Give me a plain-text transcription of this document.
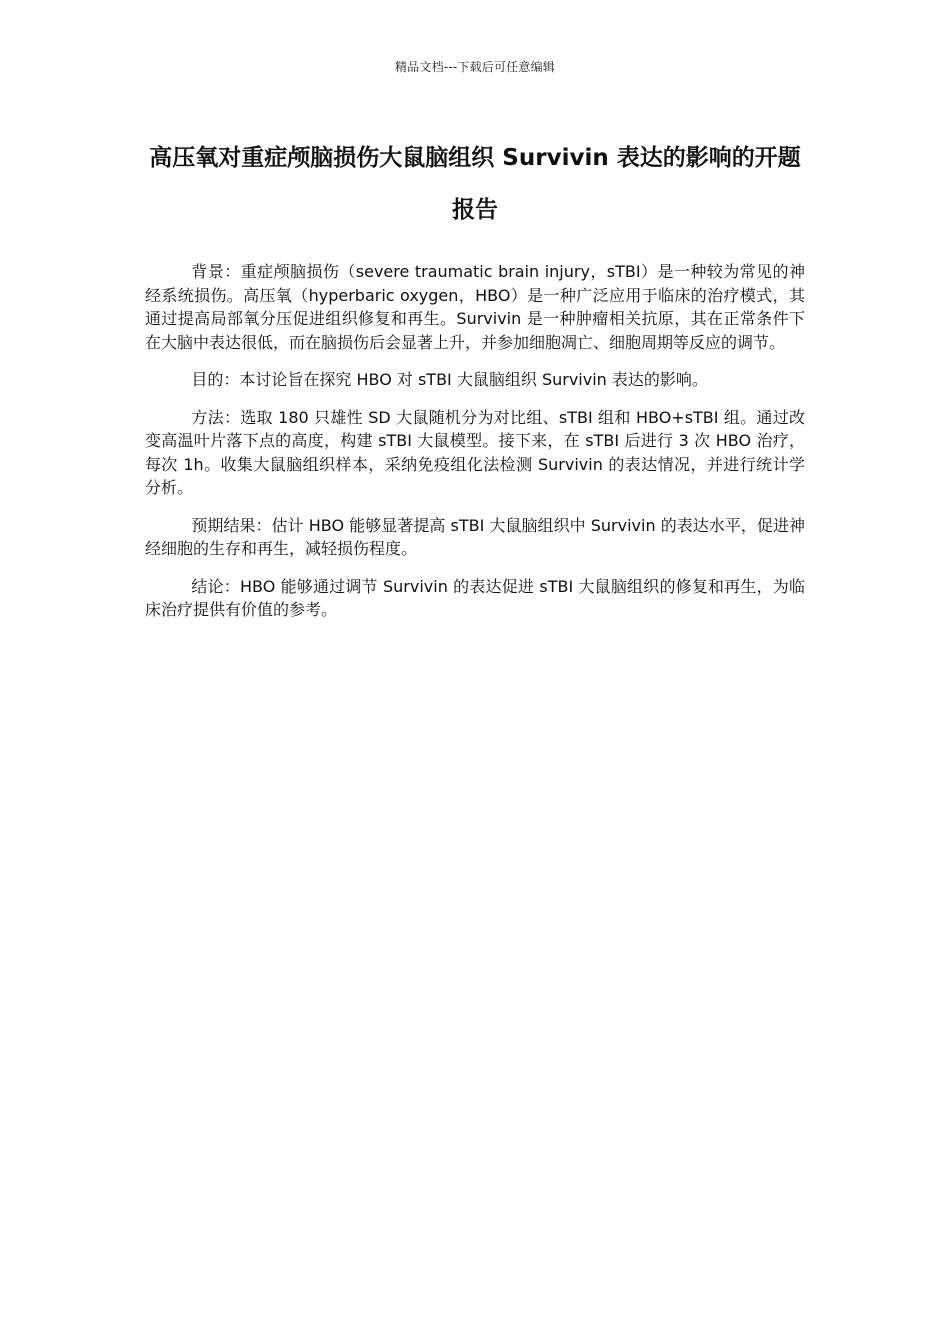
精品文档---下载后可任意编辑
高压氧对重症颅脑损伤大鼠脑组织 Survivin 表达的影响的开题报告

背景：重症颅脑损伤（severe traumatic brain injury，sTBI）是一种较为常见的神经系统损伤。高压氧（hyperbaric oxygen，HBO）是一种广泛应用于临床的治疗模式，其通过提高局部氧分压促进组织修复和再生。Survivin 是一种肿瘤相关抗原，其在正常条件下在大脑中表达很低，而在脑损伤后会显著上升，并参加细胞凋亡、细胞周期等反应的调节。

目的：本讨论旨在探究 HBO 对 sTBI 大鼠脑组织 Survivin 表达的影响。

方法：选取 180 只雄性 SD 大鼠随机分为对比组、sTBI 组和 HBO+sTBI 组。通过改变高温叶片落下点的高度，构建 sTBI 大鼠模型。接下来，在 sTBI 后进行 3 次 HBO 治疗，每次 1h。收集大鼠脑组织样本，采纳免疫组化法检测 Survivin 的表达情况，并进行统计学分析。

预期结果：估计 HBO 能够显著提高 sTBI 大鼠脑组织中 Survivin 的表达水平，促进神经细胞的生存和再生，减轻损伤程度。

结论：HBO 能够通过调节 Survivin 的表达促进 sTBI 大鼠脑组织的修复和再生，为临床治疗提供有价值的参考。
